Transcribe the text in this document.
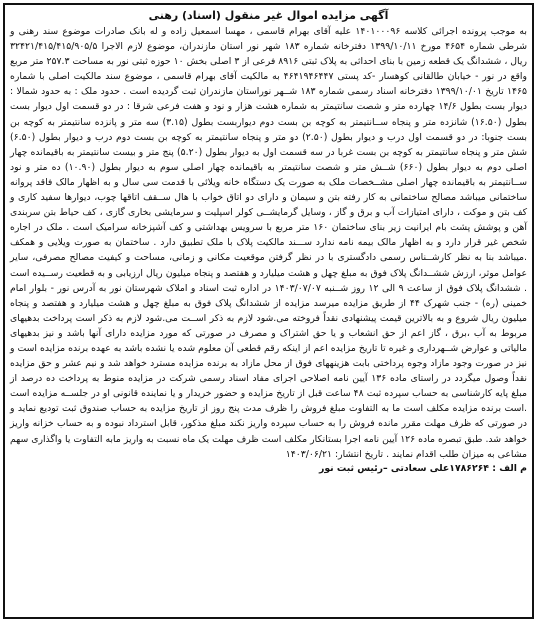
آگهی مزایده اموال غیر منقول (اسناد) رهنی

به موجب پرونده اجرائی کلاسه ۱۴۰۱۰۰۰۹۶ علیه آقای بهرام قاسمی ، مهسا اسمعیل زاده و له بانک صادرات موضوع سند رهنی و شرطی شماره ۴۶۵۴ مورخ ۱۳۹۹/۱۰/۱۱ دفترخانه شماره ۱۸۳ شهر نور استان مازندران، موضوع لازم الاجرا ۳۲۴۲۱/۴۱۵/۴۱۵/۹۰۵/۵ ریال ، ششدانگ یک قطعه زمین با بنای احداثی به پلاک ثبتی ۸۹۱۶ فرعی از ۳ اصلی بخش ۱۰ حوزه ثبتی نور به مساحت ۲۵۷.۳ متر مربع واقع در نور - خیابان طالقانی کوهسار -کد پستی ۴۶۴۱۹۴۶۴۴۷ به مالکیت آقای بهرام قاسمی ، موضوع سند مالکیت اصلی با شماره ۱۴۶۵ تاریخ ۱۳۹۹/۱۰/۰۱ دفترخانه اسناد رسمی شماره ۱۸۳ شــهر نوراستان مازندران ثبت گردیده است . حدود ملک : به حدود شمالا : دیوار بست بطول ۱۴/۶ چهارده متر و شصت سانتیمتر به شماره هشت هزار و نود و هفت فرعی شرقا : در دو قسمت اول دیوار بست بطول (۱۶.۵۰) شانزده متر و پنجاه ســانتیمتر به کوچه بن بست دوم دیواربست بطول (۳.۱۵) سه متر و پانزده سانتیمتر به کوچه بن بست جنوبا: در دو قسمت اول درب و دیوار بطول (۲.۵۰) دو متر و پنجاه سانتیمتر به کوچه بن بست دوم درب و دیوار بطول (۶.۵۰) شش متر و پنجاه سانتیمتر به کوچه بن بست غربا در سه قسمت اول به دیوار بطول (۵.۲۰) پنج متر و بیست سانتیمتر به باقیمانده چهار اصلی دوم به دیوار بطول (۶۶۰) شــش متر و شصت سانتیمتر به باقیمانده چهار اصلی سوم به دیوار بطول (۱۰.۹۰) ده متر و نود ســانتیمتر به باقیمانده چهار اصلی مشــخصات ملک به صورت یک دستگاه خانه ویلائی با قدمت سی سال و به اظهار مالک فاقد پروانه ساختمانی میباشد مصالح ساختمانی به کار رفته بتن و سیمان و دارای دو اتاق خواب با هال ســقف اتاقها چوب، دیوارها سفید کاری و کف بتن و موکت ، دارای امتیازات آب و برق و گاز ، وسایل گرمایشــی کولر اسپلیت و سرمایشی بخاری گازی ، کف حیاط بتن سربندی آهن و پوشش پشت بام ایرانیت زیر بنای ساختمان ۱۶۰ متر مربع با سرویس بهداشتی و کف آشپزخانه سرامیک است . ملک در اجاره شخص غیر قرار دارد و به اظهار مالک بیمه نامه ندارد ســـند مالکیت پلاک با ملک تطبیق دارد . ساختمان به صورت ویلایی و همکف .میباشد بنا به نظر کارشــناس رسمی دادگستری با در نظر گرفتن موقعیت مکانی و زمانی، مساحت و کیفیت مصالح مصرفی، سایر عوامل موثر، ارزش ششــدانگ پلاک فوق به مبلغ چهل و هشت میلیارد و هفتصد و پنجاه میلیون ریال ارزیابی و به قطعیت رســیده است . ششدانگ پلاک فوق از ساعت ۹ الی ۱۲ روز شــنبه ۱۴۰۳/۰۷/۰۷ در اداره ثبت اسناد و املاک شهرستان نور به آدرس نور - بلوار امام خمینی (ره) - جنب شهرک ۴۴ از طریق مزایده میرسد مزایده از ششدانگ پلاک فوق به مبلغ چهل و هشت میلیارد و هفتصد و پنجاه میلیون ریال شروع و به بالاترین قیمت پیشنهادی نقداً فروخته می.شود لازم به ذکر اســت می.شود لازم به ذکر است پرداخت بدهیهای مربوط به آب ،برق ، گاز اعم از حق انشعاب و یا حق اشتراک و مصرف در صورتی که مورد مزایده دارای آنها باشد و نیز بدهیهای مالیاتی و عوارض شــهرداری و غیره تا تاریخ مزایده اعم از اینکه رقم قطعی آن معلوم شده یا نشده باشد به عهده برنده مزایده است و نیز در صورت وجود مازاد وجوه پرداختی بابت هزینههای فوق از محل مازاد به برنده مزایده مسترد خواهد شد و نیم عشر و حق مزایده نقداً وصول میگردد در راستای ماده ۱۳۶ آیین نامه اصلاحی اجرای مفاد اسناد رسمی شرکت در مزایده منوط به پرداخت ده درصد از مبلغ پایه کارشناسی به حساب سپرده ثبت ۴۸ ساعت قبل از تاریخ مزایده و حضور خریدار و یا نماینده قانونی او در جلســه مزایده است .است برنده مزایده مکلف است ما به التفاوت مبلغ فروش را ظرف مدت پنج روز از تاریخ مزایده به حساب صندوق ثبت تودیع نماید و در صورتی که ظرف مهلت مقرر مانده فروش را به حساب سپرده واریز نکند مبلغ مذکور، قابل استرداد نبوده و به حساب خزانه واریز خواهد شد. طبق تبصره ماده ۱۲۶ آیین نامه اجرا بستانکار مکلف است ظرف مهلت یک ماه نسبت به واریز مابه التفاوت یا واگذاری سهم مشاعی به میزان طلب اقدام نمایند . تاریخ انتشار: ۱۴۰۳/۰۶/۲۱

م الف : ۱۷۸۶۲۶۴علی سعادتی –رئیس ثبت نور
